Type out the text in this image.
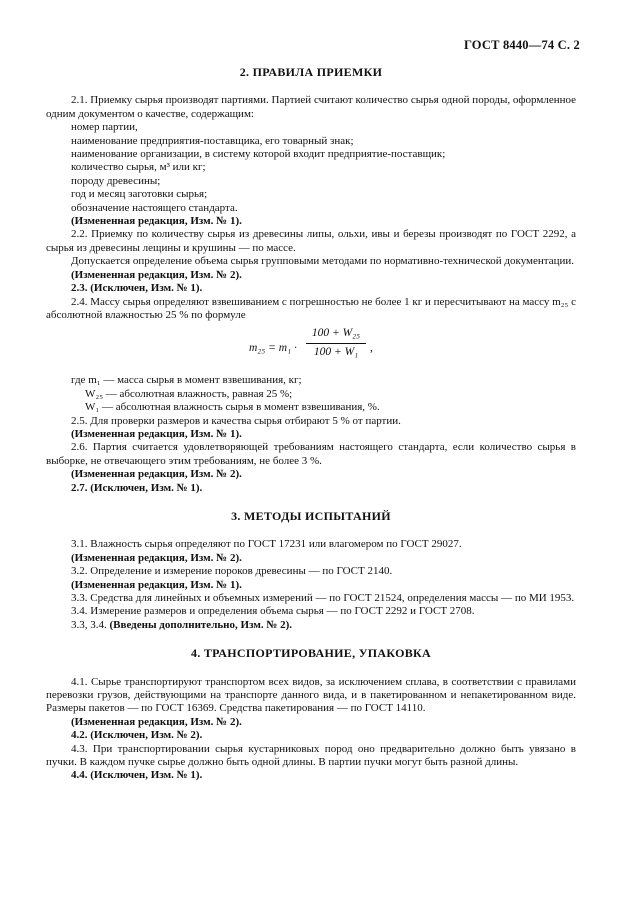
ГОСТ 8440—74 С. 2
2. ПРАВИЛА ПРИЕМКИ

2.1. Приемку сырья производят партиями. Партией считают количество сырья одной породы, оформленное одним документом о качестве, содержащим:

номер партии,

наименование предприятия-поставщика, его товарный знак;

наименование организации, в систему которой входит предприятие-поставщик;

количество сырья, м³ или кг;

породу древесины;

год и месяц заготовки сырья;

обозначение настоящего стандарта.

(Измененная редакция, Изм. № 1).

2.2. Приемку по количеству сырья из древесины липы, ольхи, ивы и березы производят по ГОСТ 2292, а сырья из древесины лещины и крушины — по массе.

Допускается определение объема сырья групповыми методами по нормативно-технической документации.

(Измененная редакция, Изм. № 2).

2.3. (Исключен, Изм. № 1).

2.4. Массу сырья определяют взвешиванием с погрешностью не более 1 кг и пересчитывают на массу m₂₅ с абсолютной влажностью 25 % по формуле

$m_{25} = m_1 \cdot \frac{\text{100 + W₂₅}}{\text{100 + W₁}}$ ,

где m₁ — масса сырья в момент взвешивания, кг;

W₂₅ — абсолютная влажность, равная 25 %;

W₁ — абсолютная влажность сырья в момент взвешивания, %.

2.5. Для проверки размеров и качества сырья отбирают 5 % от партии.

(Измененная редакция, Изм. № 1).

2.6. Партия считается удовлетворяющей требованиям настоящего стандарта, если количество сырья в выборке, не отвечающего этим требованиям, не более 3 %.

(Измененная редакция, Изм. № 2).

2.7. (Исключен, Изм. № 1).

3. МЕТОДЫ ИСПЫТАНИЙ

3.1. Влажность сырья определяют по ГОСТ 17231 или влагомером по ГОСТ 29027.

(Измененная редакция, Изм. № 2).

3.2. Определение и измерение пороков древесины — по ГОСТ 2140.

(Измененная редакция, Изм. № 1).

3.3. Средства для линейных и объемных измерений — по ГОСТ 21524, определения массы — по МИ 1953.

3.4. Измерение размеров и определения объема сырья — по ГОСТ 2292 и ГОСТ 2708.

3.3, 3.4. (Введены дополнительно, Изм. № 2).

4. ТРАНСПОРТИРОВАНИЕ, УПАКОВКА

4.1. Сырье транспортируют транспортом всех видов, за исключением сплава, в соответствии с правилами перевозки грузов, действующими на транспорте данного вида, и в пакетированном и непакетированном виде. Размеры пакетов — по ГОСТ 16369. Средства пакетирования — по ГОСТ 14110.

(Измененная редакция, Изм. № 2).

4.2. (Исключен, Изм. № 2).

4.3. При транспортировании сырья кустарниковых пород оно предварительно должно быть увязано в пучки. В каждом пучке сырье должно быть одной длины. В партии пучки могут быть разной длины.

4.4. (Исключен, Изм. № 1).
